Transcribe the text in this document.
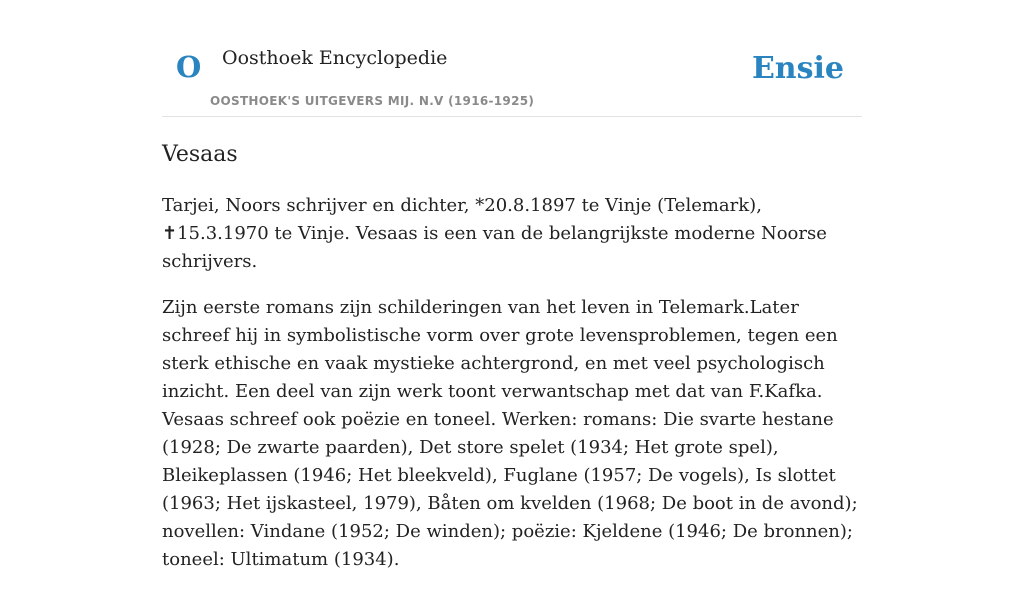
O Oosthoek Encyclopedie
OOSTHOEK'S UITGEVERS MIJ. N.V (1916-1925)
Ensie
Vesaas

Tarjei, Noors schrijver en dichter, *20.8.1897 te Vinje (Telemark), ✝15.3.1970 te Vinje. Vesaas is een van de belangrijkste moderne Noorse schrijvers.

Zijn eerste romans zijn schilderingen van het leven in Telemark.Later schreef hij in symbolistische vorm over grote levensproblemen, tegen een sterk ethische en vaak mystieke achtergrond, en met veel psychologisch inzicht. Een deel van zijn werk toont verwantschap met dat van F.Kafka. Vesaas schreef ook poëzie en toneel. Werken: romans: Die svarte hestane (1928; De zwarte paarden), Det store spelet (1934; Het grote spel), Bleikeplassen (1946; Het bleekveld), Fuglane (1957; De vogels), Is slottet (1963; Het ijskasteel, 1979), Båten om kvelden (1968; De boot in de avond); novellen: Vindane (1952; De winden); poëzie: Kjeldene (1946; De bronnen); toneel: Ultimatum (1934).
